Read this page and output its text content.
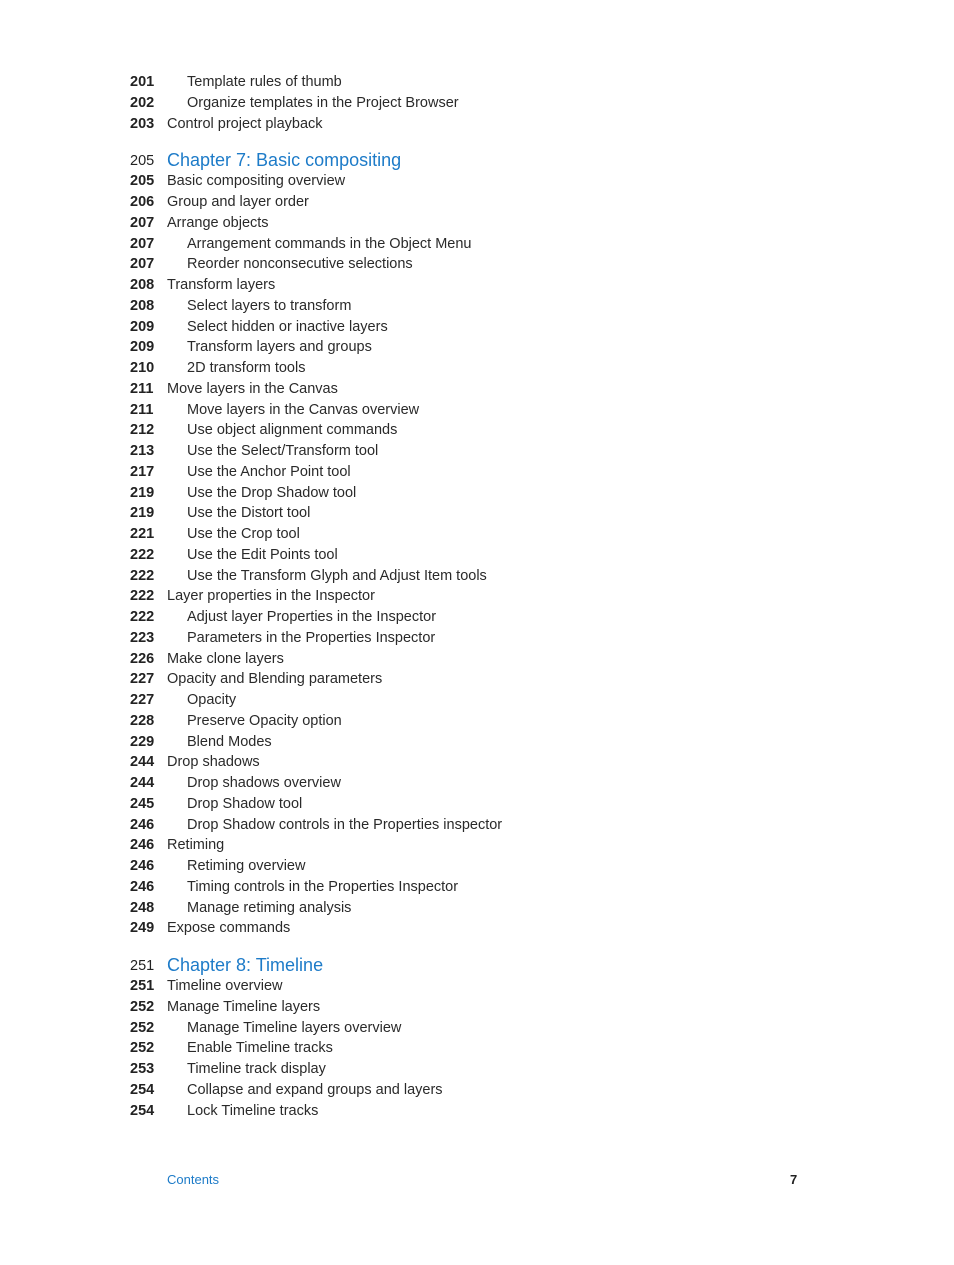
201	Template rules of thumb
202	Organize templates in the Project Browser
203 Control project playback
205 Chapter 7: Basic compositing
205 Basic compositing overview
206 Group and layer order
207 Arrange objects
207	Arrangement commands in the Object Menu
207	Reorder nonconsecutive selections
208 Transform layers
208	Select layers to transform
209	Select hidden or inactive layers
209	Transform layers and groups
210	2D transform tools
211 Move layers in the Canvas
211	Move layers in the Canvas overview
212	Use object alignment commands
213	Use the Select/Transform tool
217	Use the Anchor Point tool
219	Use the Drop Shadow tool
219	Use the Distort tool
221	Use the Crop tool
222	Use the Edit Points tool
222	Use the Transform Glyph and Adjust Item tools
222 Layer properties in the Inspector
222	Adjust layer Properties in the Inspector
223	Parameters in the Properties Inspector
226 Make clone layers
227 Opacity and Blending parameters
227	Opacity
228	Preserve Opacity option
229	Blend Modes
244 Drop shadows
244	Drop shadows overview
245	Drop Shadow tool
246	Drop Shadow controls in the Properties inspector
246 Retiming
246	Retiming overview
246	Timing controls in the Properties Inspector
248	Manage retiming analysis
249 Expose commands
251 Chapter 8: Timeline
251 Timeline overview
252 Manage Timeline layers
252	Manage Timeline layers overview
252	Enable Timeline tracks
253	Timeline track display
254	Collapse and expand groups and layers
254	Lock Timeline tracks
Contents	7
